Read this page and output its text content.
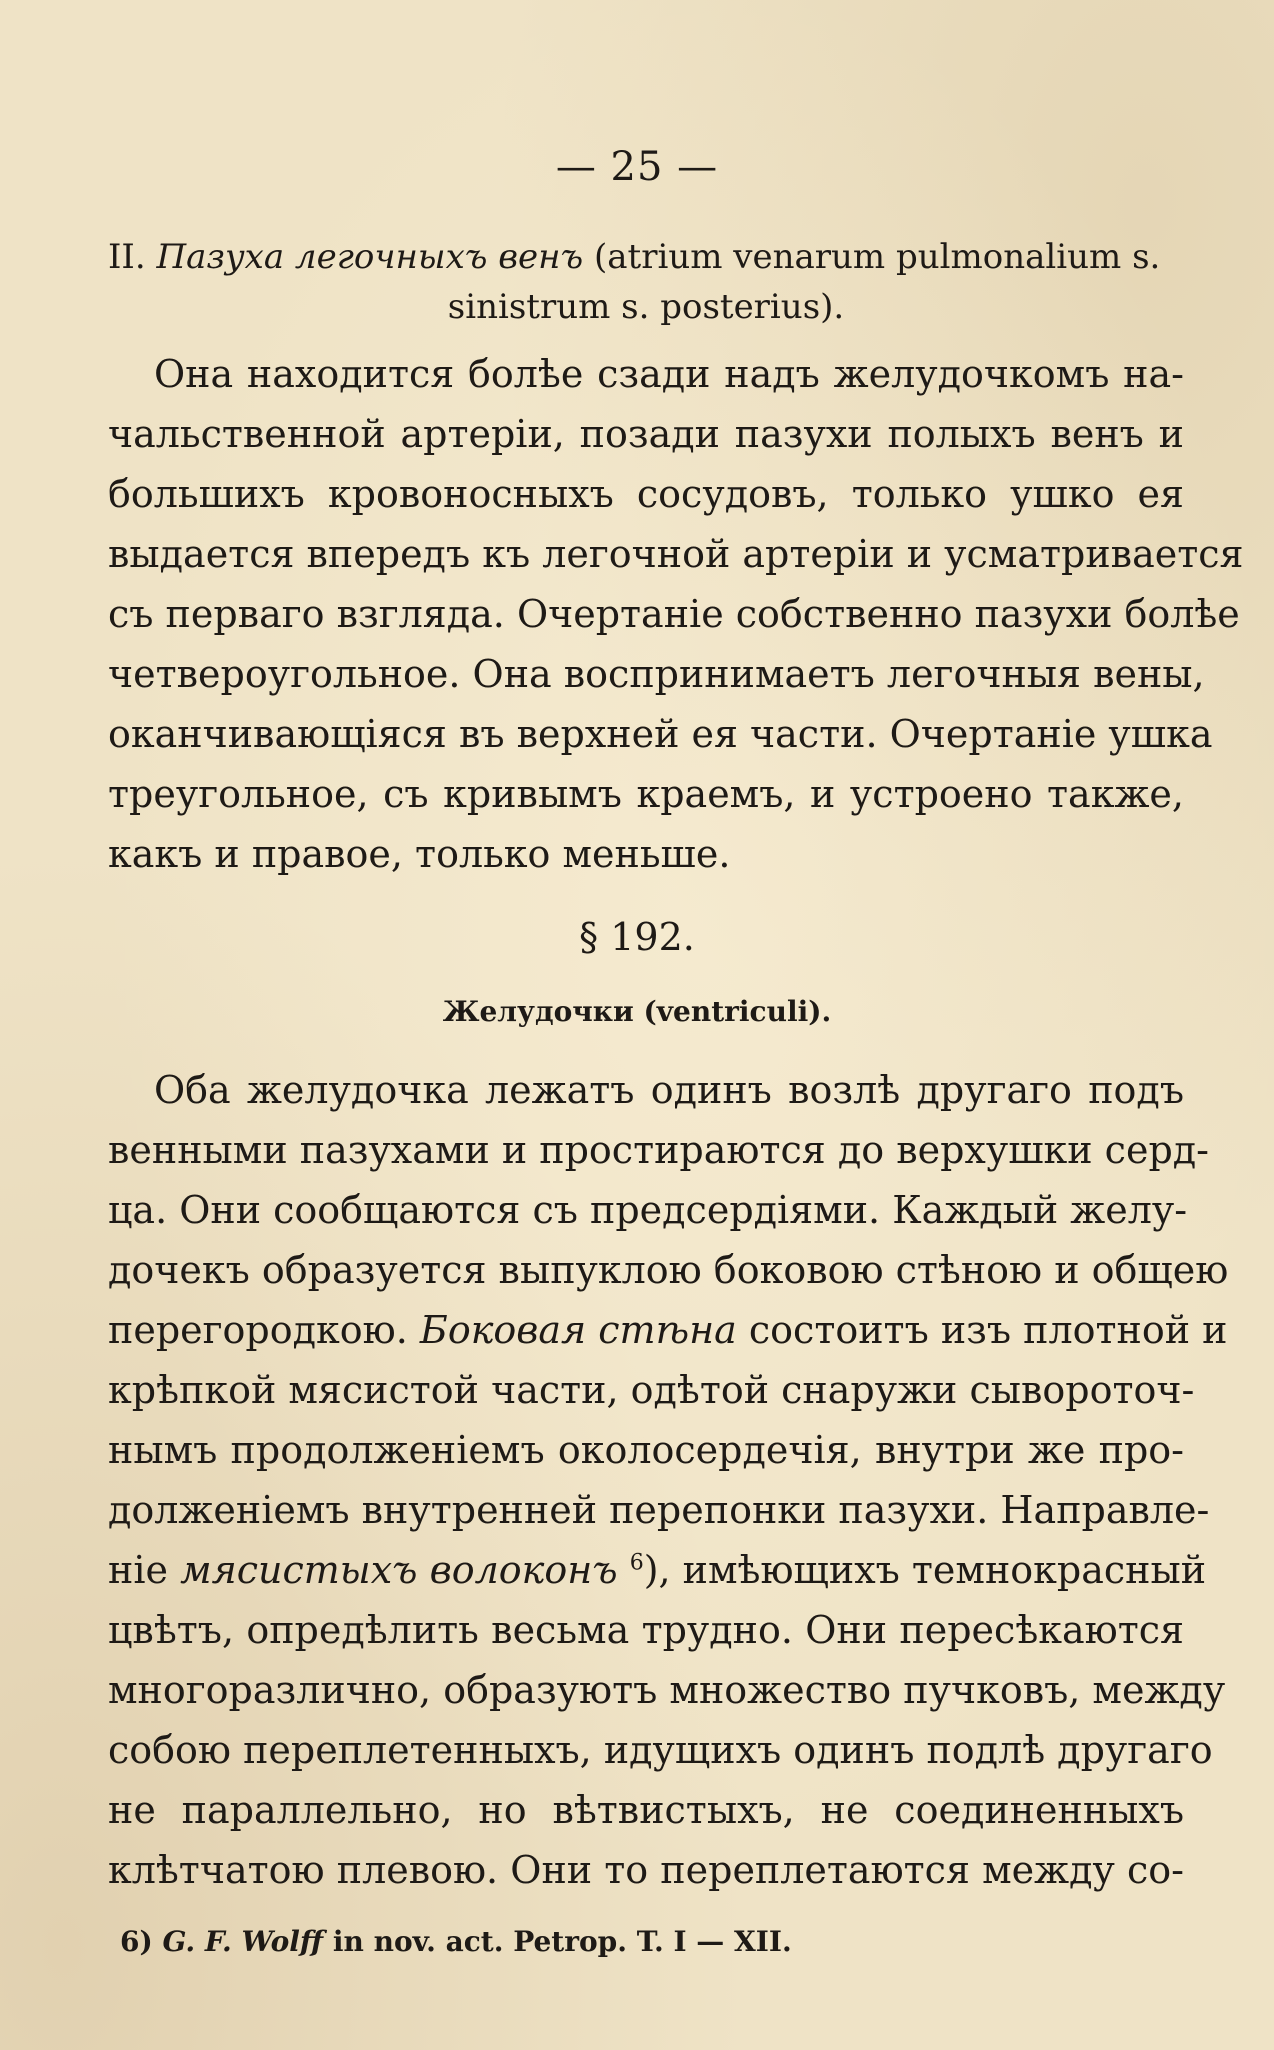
— 25 —
II. Пазуха легочныхъ венъ (atrium venarum pulmonalium s.
sinistrum s. posterius).
Она находится болѣе сзади надъ желудочкомъ на-
чальственной артеріи, позади пазухи полыхъ венъ и
большихъ кровоносныхъ сосудовъ, только ушко ея
выдается впередъ къ легочной артеріи и усматривается
съ перваго взгляда. Очертаніе собственно пазухи болѣе
четвероугольное. Она воспринимаетъ легочныя вены,
оканчивающіяся въ верхней ея части. Очертаніе ушка
треугольное, съ кривымъ краемъ, и устроено также,
какъ и правое, только меньше.
§ 192.
Желудочки (ventriculi).
Оба желудочка лежатъ одинъ возлѣ другаго подъ
венными пазухами и простираются до верхушки серд-
ца. Они сообщаются съ предсердіями. Каждый желу-
дочекъ образуется выпуклою боковою стѣною и общею
перегородкою. Боковая стѣна состоитъ изъ плотной и
крѣпкой мясистой части, одѣтой снаружи сывороточ-
нымъ продолженіемъ околосердечія, внутри же про-
долженіемъ внутренней перепонки пазухи. Направле-
ніе мясистыхъ волоконъ $^6$), имѣющихъ темнокрасный
цвѣтъ, опредѣлить весьма трудно. Они пересѣкаются
многоразлично, образуютъ множество пучковъ, между
собою переплетенныхъ, идущихъ одинъ подлѣ другаго
не параллельно, но вѣтвистыхъ, не соединенныхъ
клѣтчатою плевою. Они то переплетаются между со-
6) G. F. Wolff in nov. act. Petrop. T. I — XII.
